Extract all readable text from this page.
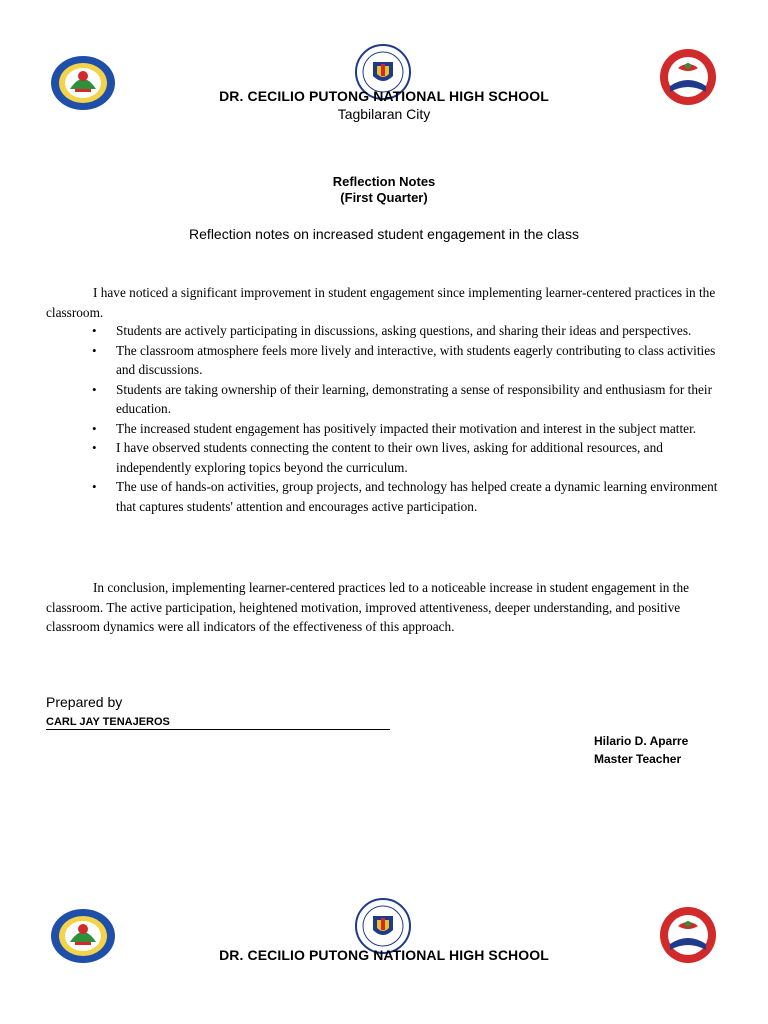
DR. CECILIO PUTONG NATIONAL HIGH SCHOOL
Tagbilaran City
Reflection Notes
(First Quarter)
Reflection notes on increased student engagement in the class
I have noticed a significant improvement in student engagement since implementing learner-centered practices in the classroom.
• Students are actively participating in discussions, asking questions, and sharing their ideas and perspectives.
• The classroom atmosphere feels more lively and interactive, with students eagerly contributing to class activities and discussions.
• Students are taking ownership of their learning, demonstrating a sense of responsibility and enthusiasm for their education.
• The increased student engagement has positively impacted their motivation and interest in the subject matter.
• I have observed students connecting the content to their own lives, asking for additional resources, and independently exploring topics beyond the curriculum.
• The use of hands-on activities, group projects, and technology has helped create a dynamic learning environment that captures students' attention and encourages active participation.
In conclusion, implementing learner-centered practices led to a noticeable increase in student engagement in the classroom. The active participation, heightened motivation, improved attentiveness, deeper understanding, and positive classroom dynamics were all indicators of the effectiveness of this approach.
Prepared by
CARL JAY TENAJEROS
Hilario D. Aparre
Master Teacher
DR. CECILIO PUTONG NATIONAL HIGH SCHOOL
